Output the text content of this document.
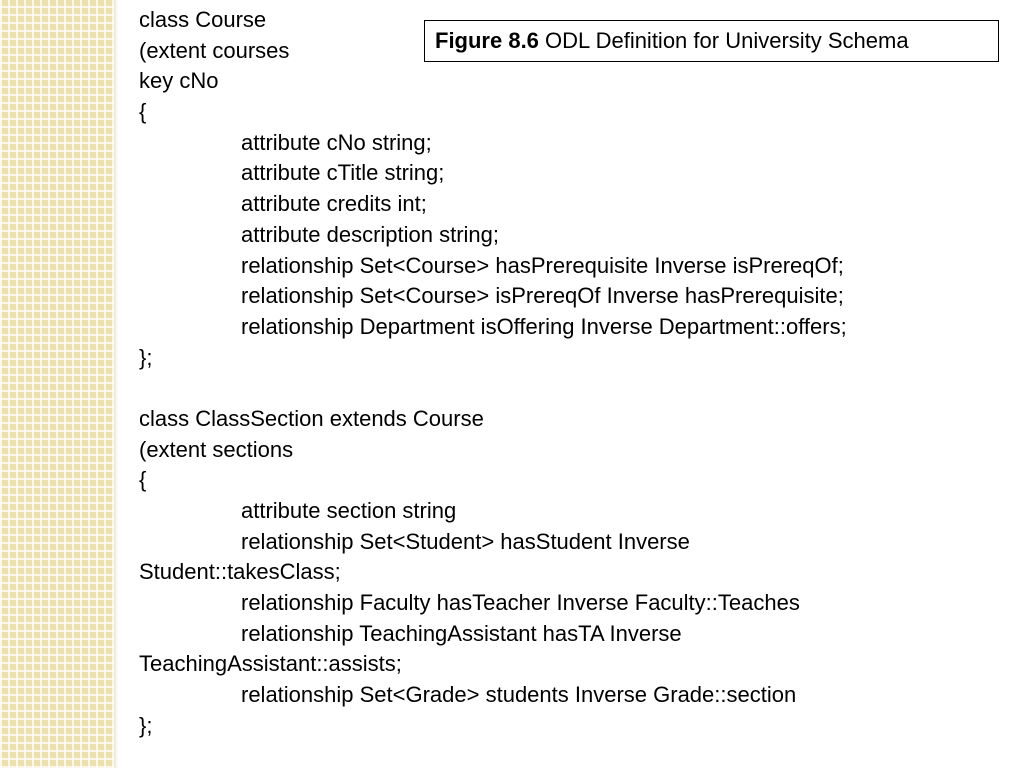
Figure 8.6 ODL Definition for University Schema
class Course
(extent courses
key cNo
{
attribute cNo string;
attribute cTitle string;
attribute credits int;
attribute description string;
relationship Set<Course> hasPrerequisite Inverse isPrereqOf;
relationship Set<Course> isPrereqOf Inverse hasPrerequisite;
relationship Department isOffering Inverse Department::offers;
};
class ClassSection extends Course
(extent sections
{
attribute section string
relationship Set<Student> hasStudent Inverse
Student::takesClass;
relationship Faculty hasTeacher Inverse Faculty::Teaches
relationship TeachingAssistant hasTA Inverse
TeachingAssistant::assists;
relationship Set<Grade> students Inverse Grade::section
};
